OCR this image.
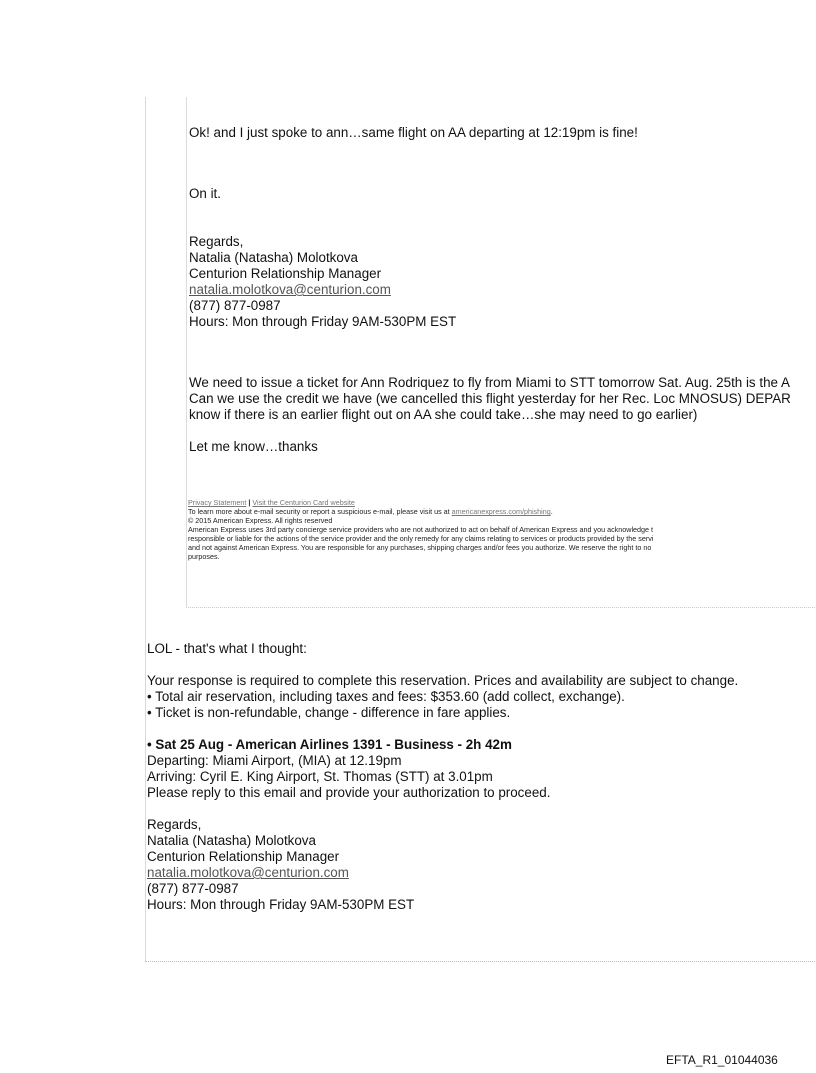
Ok! and I just spoke to ann…same flight on AA departing at 12:19pm is fine!
On it.
Regards,
Natalia (Natasha) Molotkova
Centurion Relationship Manager
natalia.molotkova@centurion.com
(877) 877-0987
Hours: Mon through Friday 9AM-530PM EST
We need to issue a ticket for Ann Rodriquez to fly from Miami to STT tomorrow Sat. Aug. 25th is the A
Can we use the credit we have (we cancelled this flight yesterday for her Rec. Loc MNOSUS) DEPAR
know if there is an earlier flight out on AA she could take…she may need to go earlier)
Let me know…thanks
Privacy Statement | Visit the Centurion Card website
To learn more about e-mail security or report a suspicious e-mail, please visit us at americanexpress.com/phishing.
© 2015 American Express. All rights reserved
American Express uses 3rd party concierge service providers who are not authorized to act on behalf of American Express and you acknowledge t
responsible or liable for the actions of the service provider and the only remedy for any claims relating to services or products provided by the servi
and not against American Express. You are responsible for any purchases, shipping charges and/or fees you authorize. We reserve the right to no
purposes.
LOL - that's what I thought:
Your response is required to complete this reservation. Prices and availability are subject to change.
• Total air reservation, including taxes and fees: $353.60 (add collect, exchange).
• Ticket is non-refundable, change - difference in fare applies.
• Sat 25 Aug - American Airlines 1391 - Business - 2h 42m
Departing: Miami Airport, (MIA) at 12.19pm
Arriving: Cyril E. King Airport, St. Thomas (STT) at 3.01pm
Please reply to this email and provide your authorization to proceed.
Regards,
Natalia (Natasha) Molotkova
Centurion Relationship Manager
natalia.molotkova@centurion.com
(877) 877-0987
Hours: Mon through Friday 9AM-530PM EST
EFTA_R1_01044036
